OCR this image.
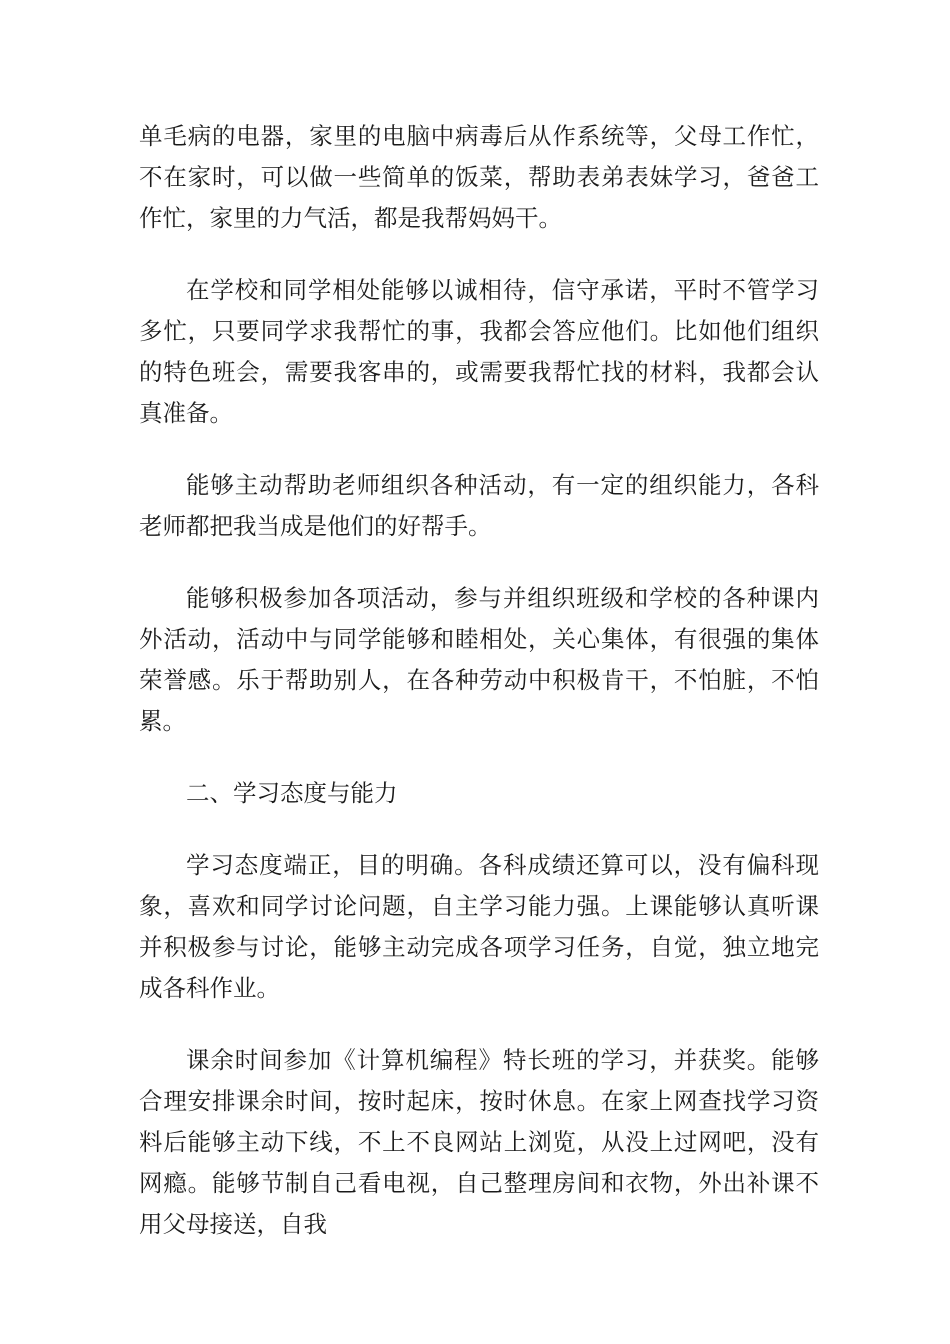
单毛病的电器，家里的电脑中病毒后从作系统等，父母工作忙，不在家时，可以做一些简单的饭菜，帮助表弟表妹学习，爸爸工作忙，家里的力气活，都是我帮妈妈干。

在学校和同学相处能够以诚相待，信守承诺，平时不管学习多忙，只要同学求我帮忙的事，我都会答应他们。比如他们组织的特色班会，需要我客串的，或需要我帮忙找的材料，我都会认真准备。

能够主动帮助老师组织各种活动，有一定的组织能力，各科老师都把我当成是他们的好帮手。

能够积极参加各项活动，参与并组织班级和学校的各种课内外活动，活动中与同学能够和睦相处，关心集体，有很强的集体荣誉感。乐于帮助别人，在各种劳动中积极肯干，不怕脏，不怕累。

二、学习态度与能力

学习态度端正，目的明确。各科成绩还算可以，没有偏科现象，喜欢和同学讨论问题，自主学习能力强。上课能够认真听课并积极参与讨论，能够主动完成各项学习任务，自觉，独立地完成各科作业。

课余时间参加《计算机编程》特长班的学习，并获奖。能够合理安排课余时间，按时起床，按时休息。在家上网查找学习资料后能够主动下线，不上不良网站上浏览，从没上过网吧，没有网瘾。能够节制自己看电视，自己整理房间和衣物，外出补课不用父母接送，自我
